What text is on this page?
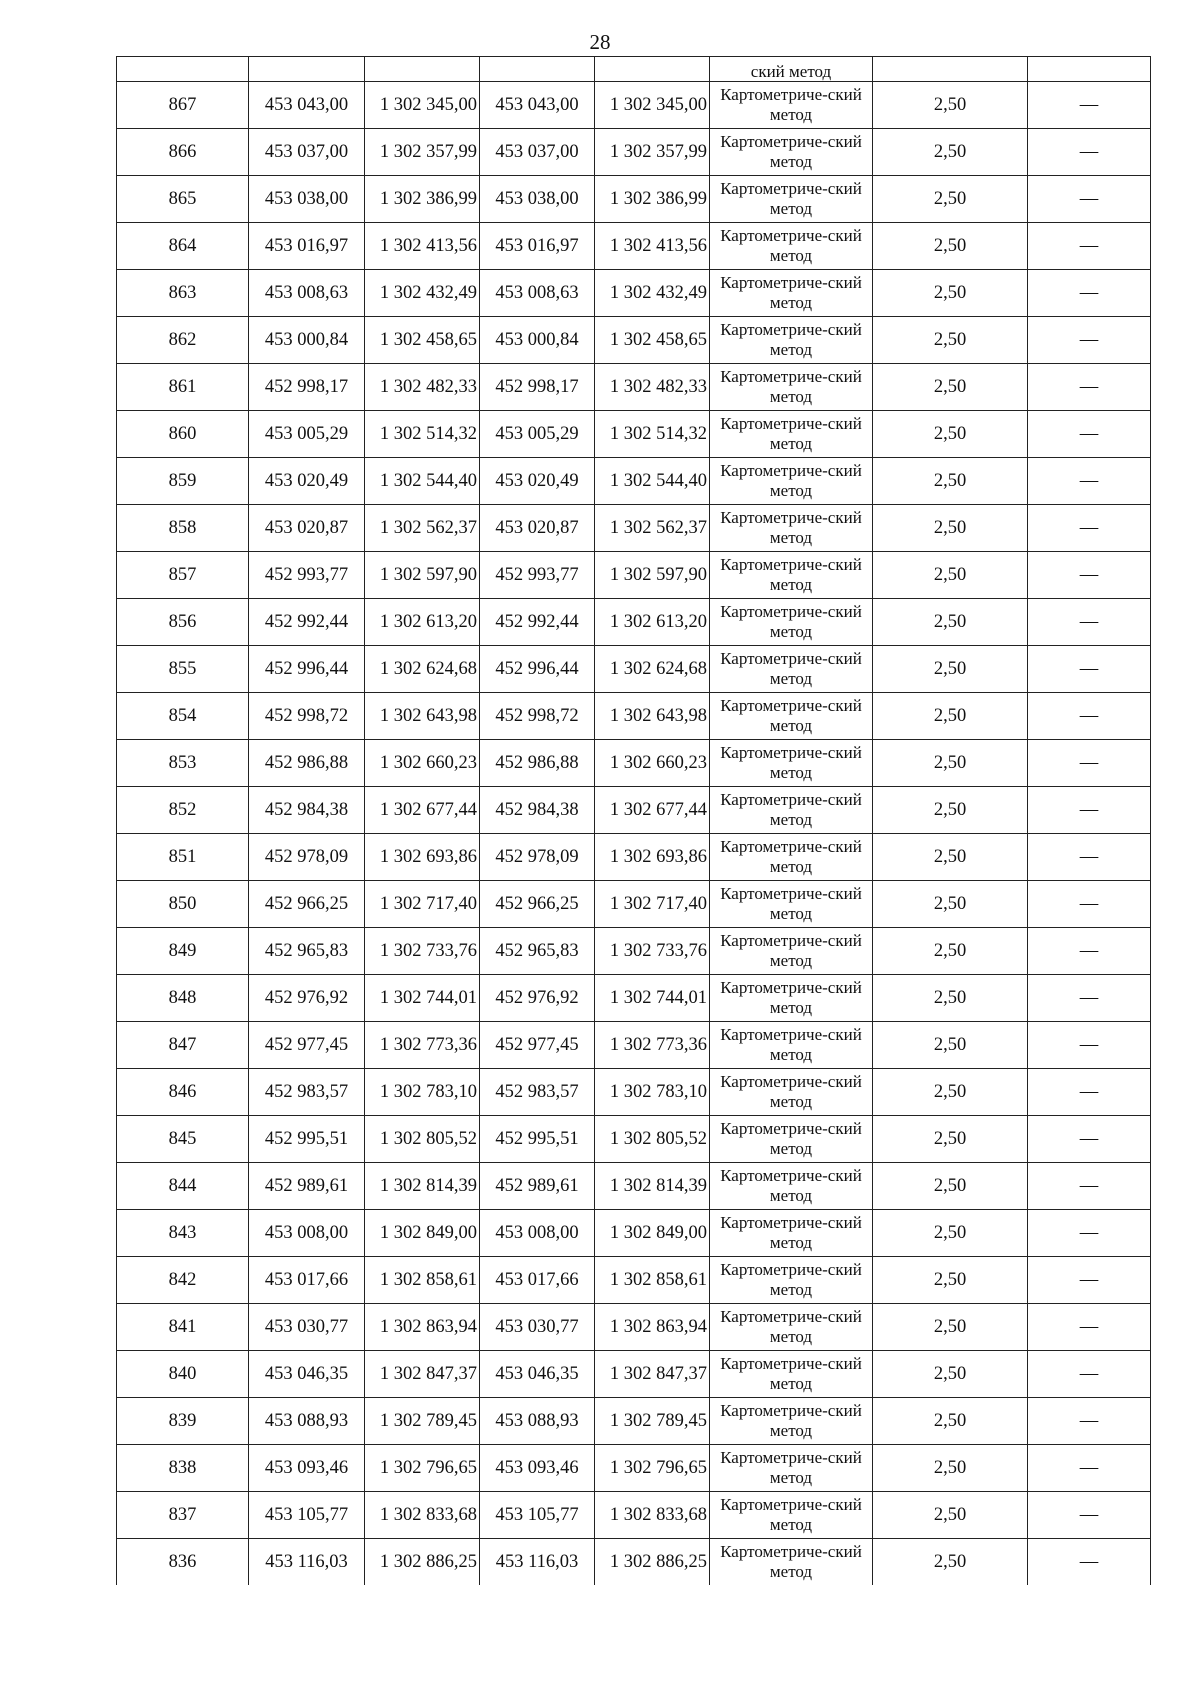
28
					ский метод		
867	453 043,00	1 302 345,00	453 043,00	1 302 345,00	Картометриче-ский метод	2,50	—
866	453 037,00	1 302 357,99	453 037,00	1 302 357,99	Картометриче-ский метод	2,50	—
865	453 038,00	1 302 386,99	453 038,00	1 302 386,99	Картометриче-ский метод	2,50	—
864	453 016,97	1 302 413,56	453 016,97	1 302 413,56	Картометриче-ский метод	2,50	—
863	453 008,63	1 302 432,49	453 008,63	1 302 432,49	Картометриче-ский метод	2,50	—
862	453 000,84	1 302 458,65	453 000,84	1 302 458,65	Картометриче-ский метод	2,50	—
861	452 998,17	1 302 482,33	452 998,17	1 302 482,33	Картометриче-ский метод	2,50	—
860	453 005,29	1 302 514,32	453 005,29	1 302 514,32	Картометриче-ский метод	2,50	—
859	453 020,49	1 302 544,40	453 020,49	1 302 544,40	Картометриче-ский метод	2,50	—
858	453 020,87	1 302 562,37	453 020,87	1 302 562,37	Картометриче-ский метод	2,50	—
857	452 993,77	1 302 597,90	452 993,77	1 302 597,90	Картометриче-ский метод	2,50	—
856	452 992,44	1 302 613,20	452 992,44	1 302 613,20	Картометриче-ский метод	2,50	—
855	452 996,44	1 302 624,68	452 996,44	1 302 624,68	Картометриче-ский метод	2,50	—
854	452 998,72	1 302 643,98	452 998,72	1 302 643,98	Картометриче-ский метод	2,50	—
853	452 986,88	1 302 660,23	452 986,88	1 302 660,23	Картометриче-ский метод	2,50	—
852	452 984,38	1 302 677,44	452 984,38	1 302 677,44	Картометриче-ский метод	2,50	—
851	452 978,09	1 302 693,86	452 978,09	1 302 693,86	Картометриче-ский метод	2,50	—
850	452 966,25	1 302 717,40	452 966,25	1 302 717,40	Картометриче-ский метод	2,50	—
849	452 965,83	1 302 733,76	452 965,83	1 302 733,76	Картометриче-ский метод	2,50	—
848	452 976,92	1 302 744,01	452 976,92	1 302 744,01	Картометриче-ский метод	2,50	—
847	452 977,45	1 302 773,36	452 977,45	1 302 773,36	Картометриче-ский метод	2,50	—
846	452 983,57	1 302 783,10	452 983,57	1 302 783,10	Картометриче-ский метод	2,50	—
845	452 995,51	1 302 805,52	452 995,51	1 302 805,52	Картометриче-ский метод	2,50	—
844	452 989,61	1 302 814,39	452 989,61	1 302 814,39	Картометриче-ский метод	2,50	—
843	453 008,00	1 302 849,00	453 008,00	1 302 849,00	Картометриче-ский метод	2,50	—
842	453 017,66	1 302 858,61	453 017,66	1 302 858,61	Картометриче-ский метод	2,50	—
841	453 030,77	1 302 863,94	453 030,77	1 302 863,94	Картометриче-ский метод	2,50	—
840	453 046,35	1 302 847,37	453 046,35	1 302 847,37	Картометриче-ский метод	2,50	—
839	453 088,93	1 302 789,45	453 088,93	1 302 789,45	Картометриче-ский метод	2,50	—
838	453 093,46	1 302 796,65	453 093,46	1 302 796,65	Картометриче-ский метод	2,50	—
837	453 105,77	1 302 833,68	453 105,77	1 302 833,68	Картометриче-ский метод	2,50	—
836	453 116,03	1 302 886,25	453 116,03	1 302 886,25	Картометриче-ский метод	2,50	—
